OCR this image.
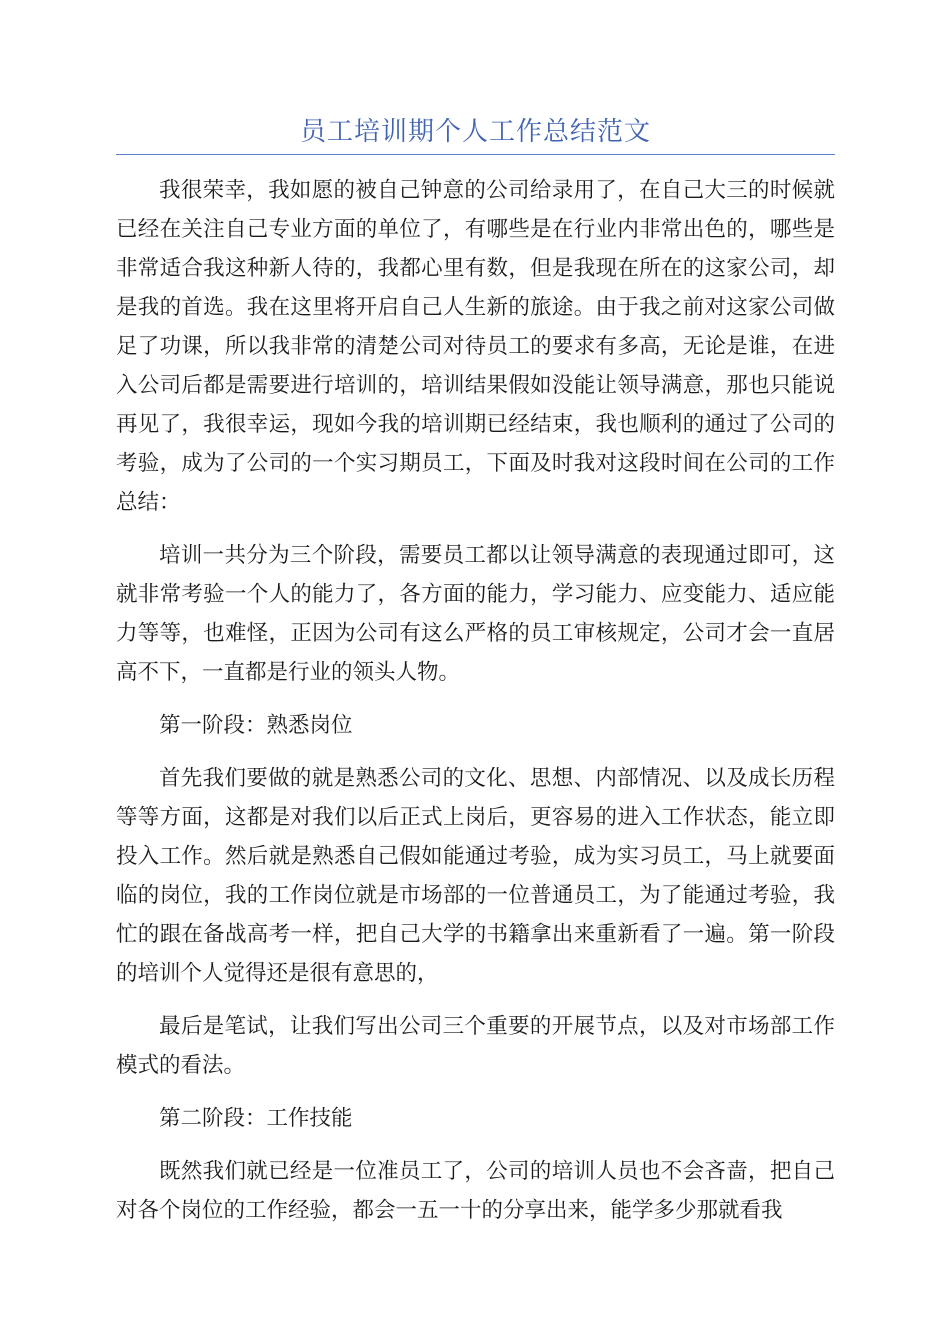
员工培训期个人工作总结范文

我很荣幸，我如愿的被自己钟意的公司给录用了，在自己大三的时候就已经在关注自己专业方面的单位了，有哪些是在行业内非常出色的，哪些是非常适合我这种新人待的，我都心里有数，但是我现在所在的这家公司，却是我的首选。我在这里将开启自己人生新的旅途。由于我之前对这家公司做足了功课，所以我非常的清楚公司对待员工的要求有多高，无论是谁，在进入公司后都是需要进行培训的，培训结果假如没能让领导满意，那也只能说再见了，我很幸运，现如今我的培训期已经结束，我也顺利的通过了公司的考验，成为了公司的一个实习期员工，下面及时我对这段时间在公司的工作总结：

培训一共分为三个阶段，需要员工都以让领导满意的表现通过即可，这就非常考验一个人的能力了，各方面的能力，学习能力、应变能力、适应能力等等，也难怪，正因为公司有这么严格的员工审核规定，公司才会一直居高不下，一直都是行业的领头人物。

第一阶段：熟悉岗位

首先我们要做的就是熟悉公司的文化、思想、内部情况、以及成长历程等等方面，这都是对我们以后正式上岗后，更容易的进入工作状态，能立即投入工作。然后就是熟悉自己假如能通过考验，成为实习员工，马上就要面临的岗位，我的工作岗位就是市场部的一位普通员工，为了能通过考验，我忙的跟在备战高考一样，把自己大学的书籍拿出来重新看了一遍。第一阶段的培训个人觉得还是很有意思的，

最后是笔试，让我们写出公司三个重要的开展节点，以及对市场部工作模式的看法。

第二阶段：工作技能

既然我们就已经是一位准员工了，公司的培训人员也不会吝啬，把自己对各个岗位的工作经验，都会一五一十的分享出来，能学多少那就看我
